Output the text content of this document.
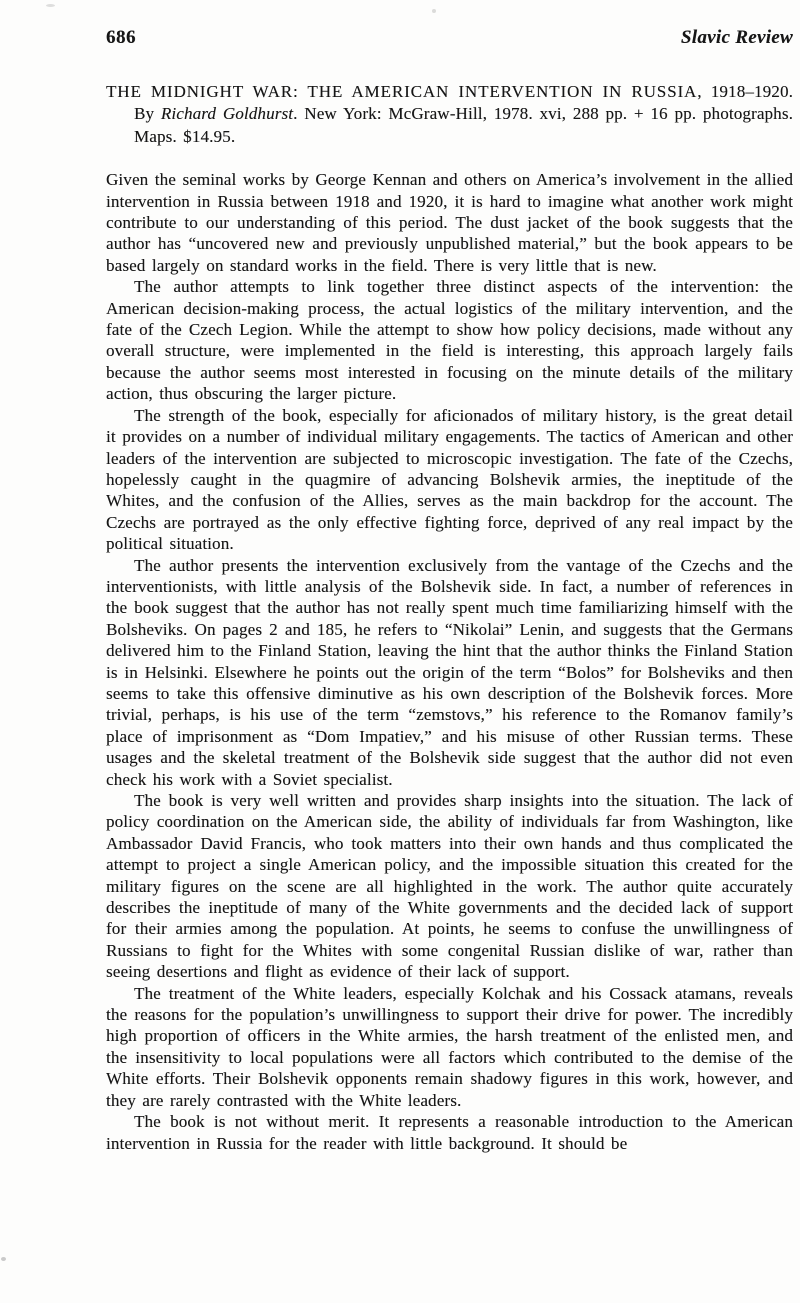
686	Slavic Review
THE MIDNIGHT WAR: THE AMERICAN INTERVENTION IN RUSSIA, 1918–1920. By Richard Goldhurst. New York: McGraw-Hill, 1978. xvi, 288 pp. + 16 pp. photographs. Maps. $14.95.

Given the seminal works by George Kennan and others on America’s involvement in the allied intervention in Russia between 1918 and 1920, it is hard to imagine what another work might contribute to our understanding of this period. The dust jacket of the book suggests that the author has “uncovered new and previously unpublished material,” but the book appears to be based largely on standard works in the field. There is very little that is new.

The author attempts to link together three distinct aspects of the intervention: the American decision-making process, the actual logistics of the military intervention, and the fate of the Czech Legion. While the attempt to show how policy decisions, made without any overall structure, were implemented in the field is interesting, this approach largely fails because the author seems most interested in focusing on the minute details of the military action, thus obscuring the larger picture.

The strength of the book, especially for aficionados of military history, is the great detail it provides on a number of individual military engagements. The tactics of American and other leaders of the intervention are subjected to microscopic investigation. The fate of the Czechs, hopelessly caught in the quagmire of advancing Bolshevik armies, the ineptitude of the Whites, and the confusion of the Allies, serves as the main backdrop for the account. The Czechs are portrayed as the only effective fighting force, deprived of any real impact by the political situation.

The author presents the intervention exclusively from the vantage of the Czechs and the interventionists, with little analysis of the Bolshevik side. In fact, a number of references in the book suggest that the author has not really spent much time familiarizing himself with the Bolsheviks. On pages 2 and 185, he refers to “Nikolai” Lenin, and suggests that the Germans delivered him to the Finland Station, leaving the hint that the author thinks the Finland Station is in Helsinki. Elsewhere he points out the origin of the term “Bolos” for Bolsheviks and then seems to take this offensive diminutive as his own description of the Bolshevik forces. More trivial, perhaps, is his use of the term “zemstovs,” his reference to the Romanov family’s place of imprisonment as “Dom Impatiev,” and his misuse of other Russian terms. These usages and the skeletal treatment of the Bolshevik side suggest that the author did not even check his work with a Soviet specialist.

The book is very well written and provides sharp insights into the situation. The lack of policy coordination on the American side, the ability of individuals far from Washington, like Ambassador David Francis, who took matters into their own hands and thus complicated the attempt to project a single American policy, and the impossible situation this created for the military figures on the scene are all highlighted in the work. The author quite accurately describes the ineptitude of many of the White governments and the decided lack of support for their armies among the population. At points, he seems to confuse the unwillingness of Russians to fight for the Whites with some congenital Russian dislike of war, rather than seeing desertions and flight as evidence of their lack of support.

The treatment of the White leaders, especially Kolchak and his Cossack atamans, reveals the reasons for the population’s unwillingness to support their drive for power. The incredibly high proportion of officers in the White armies, the harsh treatment of the enlisted men, and the insensitivity to local populations were all factors which contributed to the demise of the White efforts. Their Bolshevik opponents remain shadowy figures in this work, however, and they are rarely contrasted with the White leaders.

The book is not without merit. It represents a reasonable introduction to the American intervention in Russia for the reader with little background. It should be
